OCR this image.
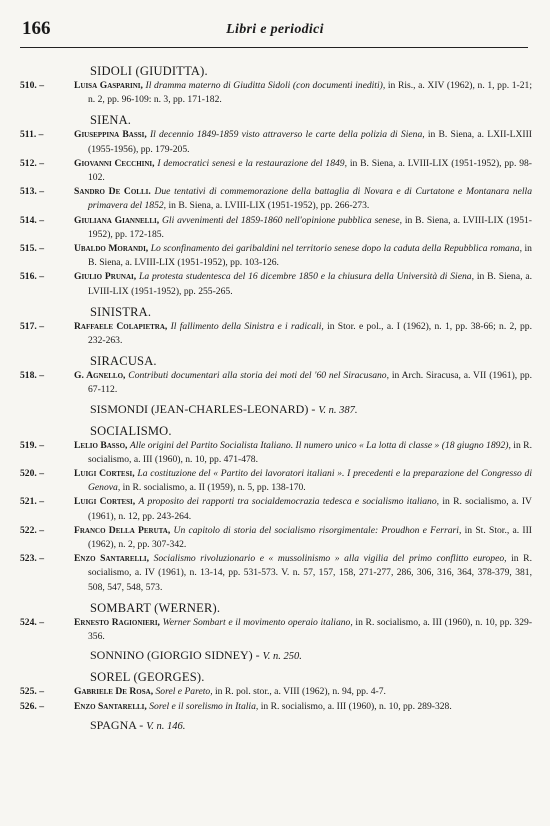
166	Libri e periodici
SIDOLI (GIUDITTA).
510. –	Luisa Gasparini, Il dramma materno di Giuditta Sidoli (con documenti inediti), in Ris., a. XIV (1962), n. 1, pp. 1-21; n. 2, pp. 96-109: n. 3, pp. 171-182.
SIENA.
511. –	Giuseppina Bassi, Il decennio 1849-1859 visto attraverso le carte della polizia di Siena, in B. Siena, a. LXII-LXIII (1955-1956), pp. 179-205.
512. –	Giovanni Cecchini, I democratici senesi e la restaurazione del 1849, in B. Siena, a. LVIII-LIX (1951-1952), pp. 98-102.
513. –	Sandro De Colli. Due tentativi di commemorazione della battaglia di Novara e di Curtatone e Montanara nella primavera del 1852, in B. Siena, a. LVIII-LIX (1951-1952), pp. 266-273.
514. –	Giuliana Giannelli, Gli avvenimenti del 1859-1860 nell'opinione pubblica senese, in B. Siena, a. LVIII-LIX (1951-1952), pp. 172-185.
515. –	Ubaldo Morandi, Lo sconfinamento dei garibaldini nel territorio senese dopo la caduta della Repubblica romana, in B. Siena, a. LVIII-LIX (1951-1952), pp. 103-126.
516. –	Giulio Prunai, La protesta studentesca del 16 dicembre 1850 e la chiusura della Università di Siena, in B. Siena, a. LVIII-LIX (1951-1952), pp. 255-265.
SINISTRA.
517. –	Raffaele Colapietra, Il fallimento della Sinistra e i radicali, in Stor. e pol., a. I (1962), n. 1, pp. 38-66; n. 2, pp. 232-263.
SIRACUSA.
518. –	G. Agnello, Contributi documentari alla storia dei moti del '60 nel Siracusano, in Arch. Siracusa, a. VII (1961), pp. 67-112.
SISMONDI (JEAN-CHARLES-LEONARD) - V. n. 387.
SOCIALISMO.
519. –	Lelio Basso, Alle origini del Partito Socialista Italiano. Il numero unico « La lotta di classe » (18 giugno 1892), in R. socialismo, a. III (1960), n. 10, pp. 471-478.
520. –	Luigi Cortesi, La costituzione del « Partito dei lavoratori italiani ». I precedenti e la preparazione del Congresso di Genova, in R. socialismo, a. II (1959), n. 5, pp. 138-170.
521. –	Luigi Cortesi, A proposito dei rapporti tra socialdemocrazia tedesca e socialismo italiano, in R. socialismo, a. IV (1961), n. 12, pp. 243-264.
522. –	Franco Della Peruta, Un capitolo di storia del socialismo risorgimentale: Proudhon e Ferrari, in St. Stor., a. III (1962), n. 2, pp. 307-342.
523. –	Enzo Santarelli, Socialismo rivoluzionario e « mussolinismo » alla vigilia del primo conflitto europeo, in R. socialismo, a. IV (1961), n. 13-14, pp. 531-573. V. n. 57, 157, 158, 271-277, 286, 306, 316, 364, 378-379, 381, 508, 547, 548, 573.
SOMBART (WERNER).
524. –	Ernesto Ragionieri, Werner Sombart e il movimento operaio italiano, in R. socialismo, a. III (1960), n. 10, pp. 329-356.
SONNINO (GIORGIO SIDNEY) - V. n. 250.
SOREL (GEORGES).
525. –	Gabriele De Rosa, Sorel e Pareto, in R. pol. stor., a. VIII (1962), n. 94, pp. 4-7.
526. –	Enzo Santarelli, Sorel e il sorelismo in Italia, in R. socialismo, a. III (1960), n. 10, pp. 289-328.
SPAGNA - V. n. 146.
